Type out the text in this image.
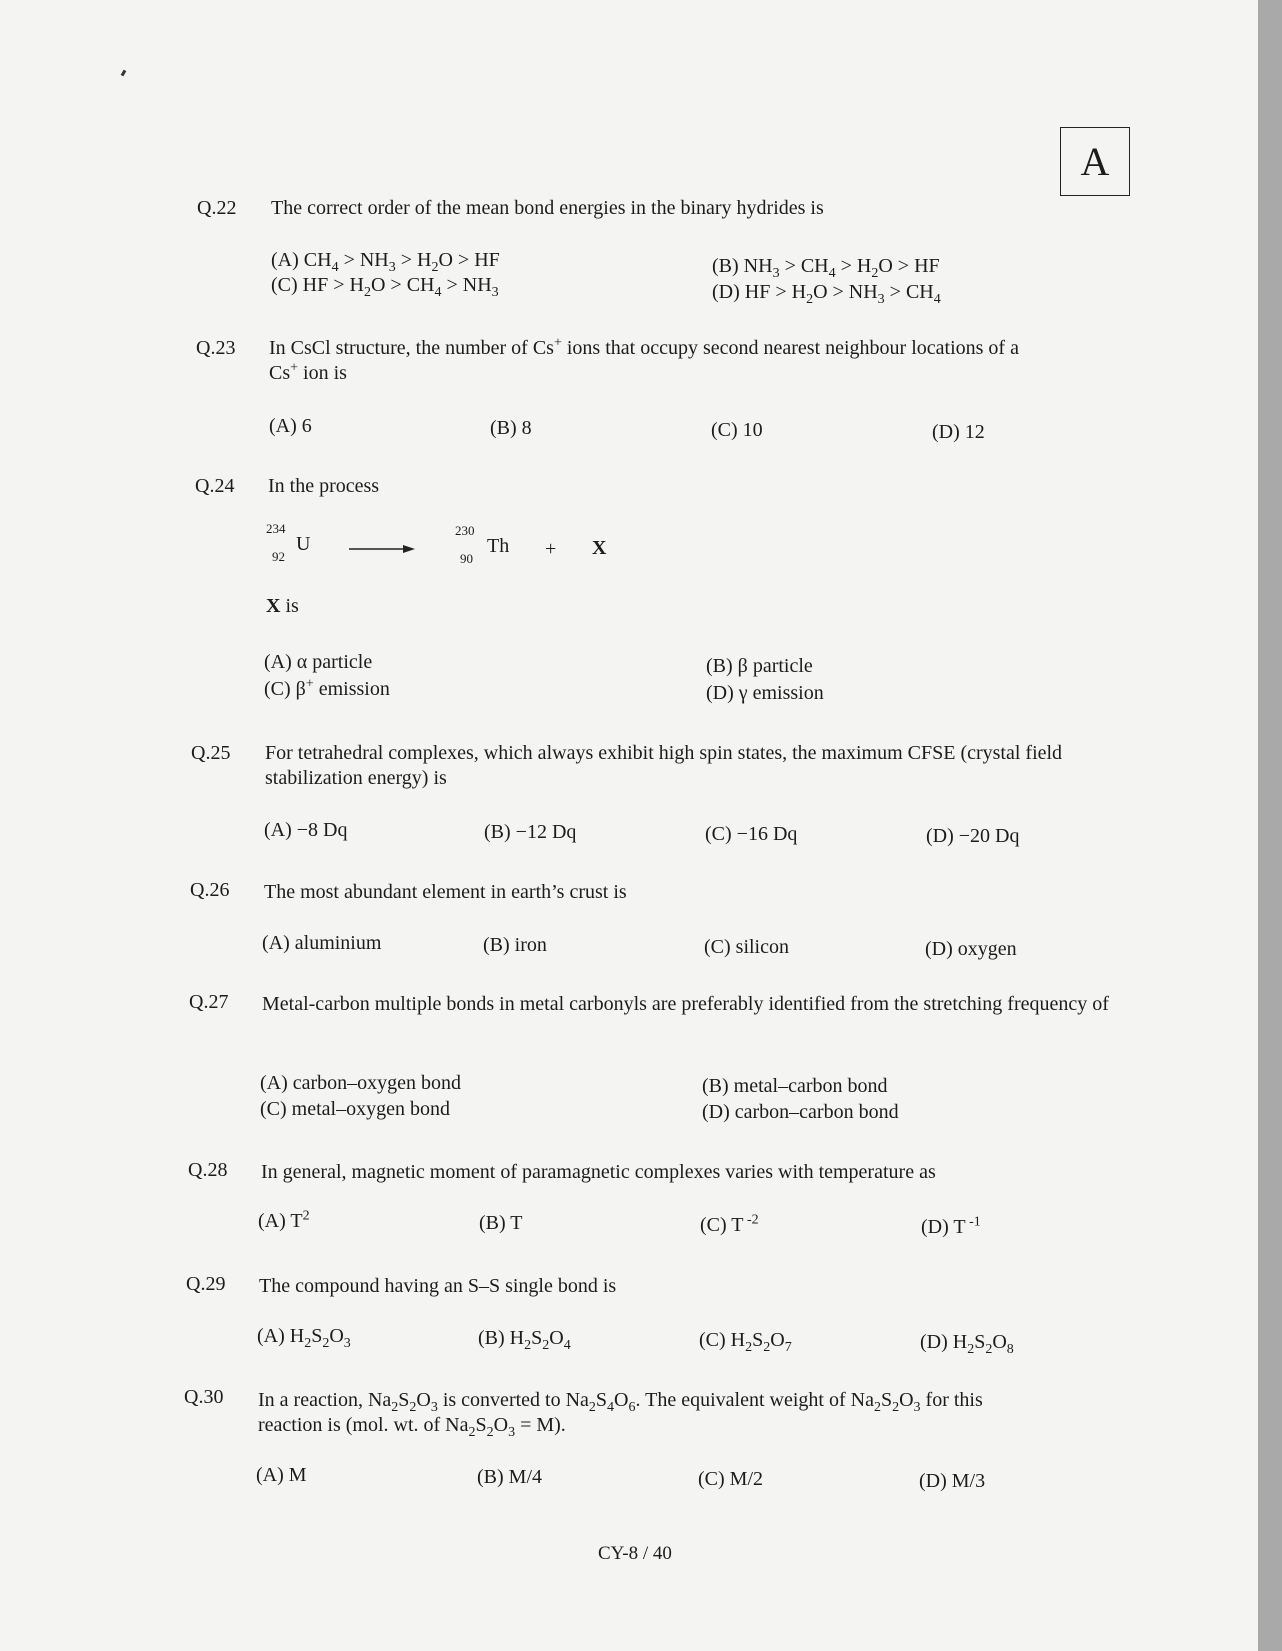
A
Q.22 The correct order of the mean bond energies in the binary hydrides is
(A) $CH_4 > NH_3 > H_2O$ > HF	(B) $NH_3 > CH_4 > H_2O$ > HF
(C) HF > $H_2O > CH_4 > NH_3$	(D) HF > $H_2O > NH_3 > CH_4$
Q.23 In CsCl structure, the number of Cs+ ions that occupy second nearest neighbour locations of a
Cs+ ion is
(A) 6	(B) 8	(C) 10	(D) 12
Q.24 In the process
234
92
U
230
90
Th + X
X is
(A) α particle	(B) β particle
(C) β+ emission	(D) γ emission
Q.25 For tetrahedral complexes, which always exhibit high spin states, the maximum CFSE (crystal field stabilization energy) is
(A) −8 Dq	(B) −12 Dq	(C) −16 Dq	(D) −20 Dq
Q.26 The most abundant element in earth’s crust is
(A) aluminium	(B) iron	(C) silicon	(D) oxygen
Q.27 Metal-carbon multiple bonds in metal carbonyls are preferably identified from the stretching frequency of
(A) carbon–oxygen bond	(B) metal–carbon bond
(C) metal–oxygen bond	(D) carbon–carbon bond
Q.28 In general, magnetic moment of paramagnetic complexes varies with temperature as
(A) $T^2$	(B) T	(C) T $^{-2}$	(D) T $^{-1}$
Q.29 The compound having an S–S single bond is
(A) $H_2S_2O_3$	(B) $H_2S_2O_4$	(C) $H_2S_2O_7$	(D) $H_2S_2O_8$
Q.30 In a reaction, $Na_2S_2O_3$ is converted to $Na_2S_4O_6$. The equivalent weight of $Na_2S_2O_3$ for this
reaction is (mol. wt. of $Na_2S_2O_3 = M$).
(A) M	(B) M/4	(C) M/2	(D) M/3
CY-8 / 40
